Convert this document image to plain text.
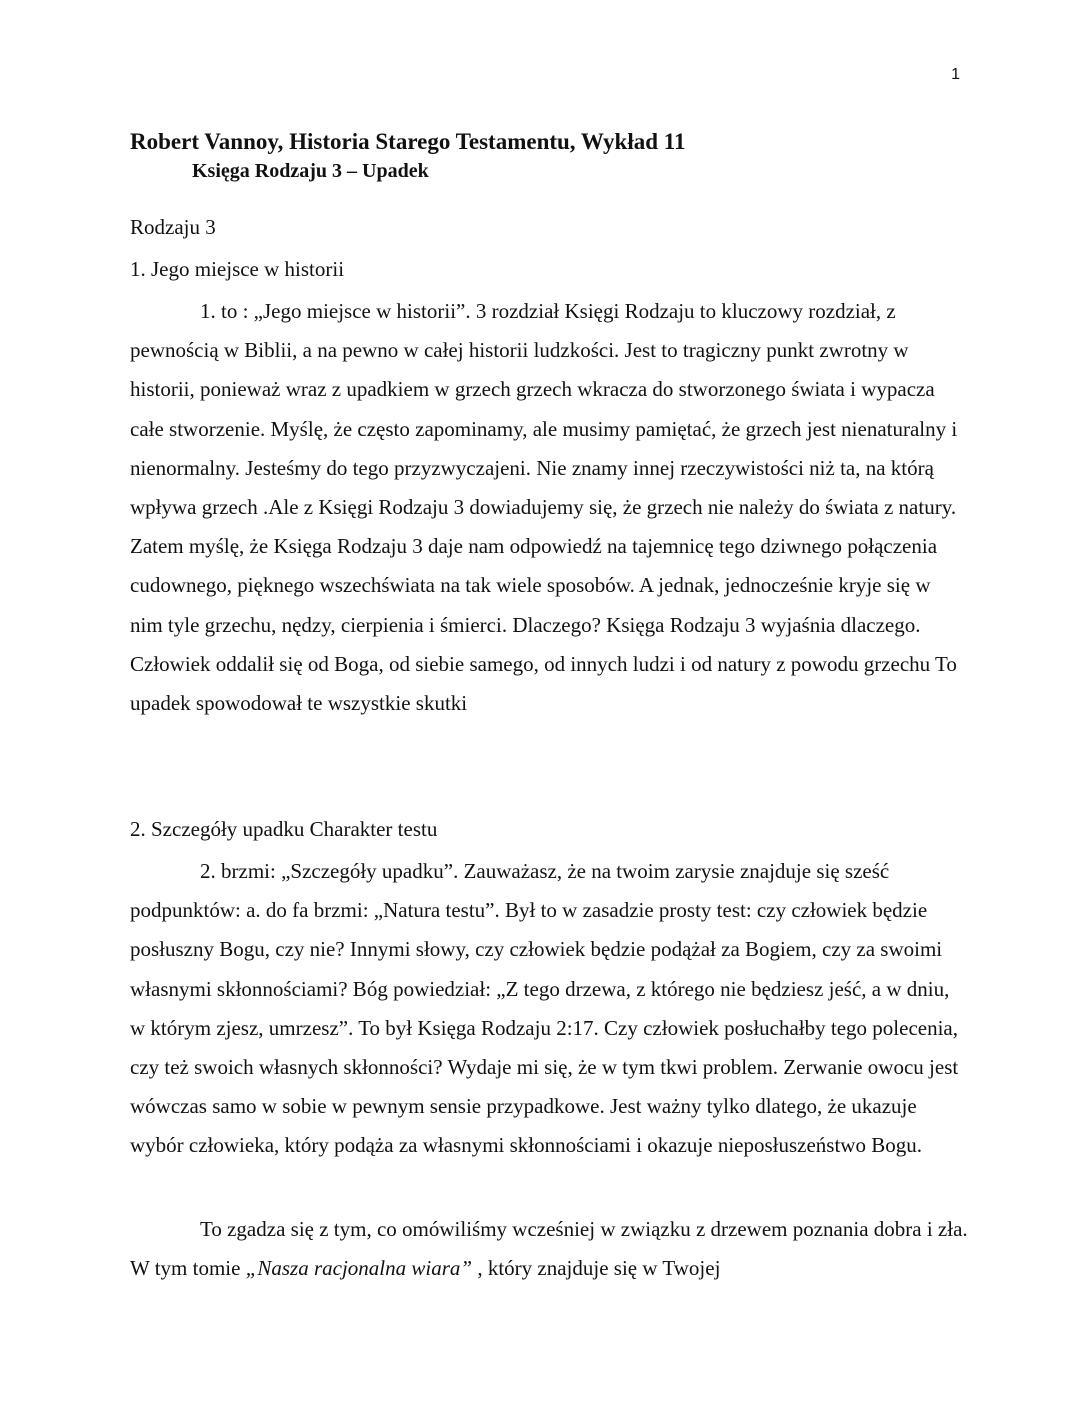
1
Robert Vannoy, Historia Starego Testamentu, Wykład 11
Księga Rodzaju 3 – Upadek
Rodzaju 3
1. Jego miejsce w historii

1. to : „Jego miejsce w historii”. 3 rozdział Księgi Rodzaju to kluczowy rozdział, z pewnością w Biblii, a na pewno w całej historii ludzkości. Jest to tragiczny punkt zwrotny w historii, ponieważ wraz z upadkiem w grzech grzech wkracza do stworzonego świata i wypacza całe stworzenie. Myślę, że często zapominamy, ale musimy pamiętać, że grzech jest nienaturalny i nienormalny. Jesteśmy do tego przyzwyczajeni. Nie znamy innej rzeczywistości niż ta, na którą wpływa grzech .Ale z Księgi Rodzaju 3 dowiadujemy się, że grzech nie należy do świata z natury. Zatem myślę, że Księga Rodzaju 3 daje nam odpowiedź na tajemnicę tego dziwnego połączenia cudownego, pięknego wszechświata na tak wiele sposobów. A jednak, jednocześnie kryje się w nim tyle grzechu, nędzy, cierpienia i śmierci. Dlaczego? Księga Rodzaju 3 wyjaśnia dlaczego. Człowiek oddalił się od Boga, od siebie samego, od innych ludzi i od natury z powodu grzechu To upadek spowodował te wszystkie skutki

2. Szczegóły upadku Charakter testu

2. brzmi: „Szczegóły upadku”. Zauważasz, że na twoim zarysie znajduje się sześć podpunktów: a. do fa brzmi: „Natura testu”. Był to w zasadzie prosty test: czy człowiek będzie posłuszny Bogu, czy nie? Innymi słowy, czy człowiek będzie podążał za Bogiem, czy za swoimi własnymi skłonnościami? Bóg powiedział: „Z tego drzewa, z którego nie będziesz jeść, a w dniu, w którym zjesz, umrzesz”. To był Księga Rodzaju 2:17. Czy człowiek posłuchałby tego polecenia, czy też swoich własnych skłonności? Wydaje mi się, że w tym tkwi problem. Zerwanie owocu jest wówczas samo w sobie w pewnym sensie przypadkowe. Jest ważny tylko dlatego, że ukazuje wybór człowieka, który podąża za własnymi skłonnościami i okazuje nieposłuszeństwo Bogu.

To zgadza się z tym, co omówiliśmy wcześniej w związku z drzewem poznania dobra i zła. W tym tomie „Nasza racjonalna wiara” , który znajduje się w Twojej
